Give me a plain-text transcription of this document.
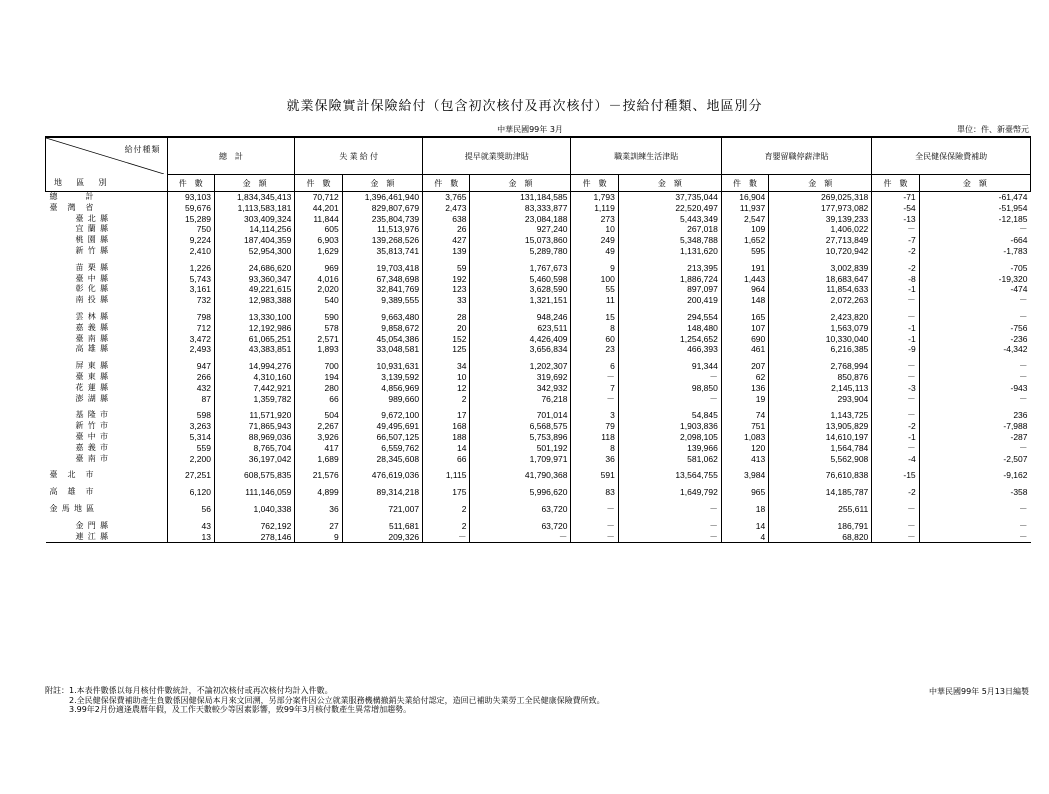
就業保險實計保險給付（包含初次核付及再次核付）－按給付種類、地區別分
中華民國99年 3月	單位：件、新臺幣元
給付種類	總　計		失 業 給 付		提早就業獎助津貼		職業訓練生活津貼		育嬰留職停薪津貼		全民健保保險費補助	
地 區 別	件　數	金　額	件　數	金　額	件　數	金　額	件　數	金　額	件　數	金　額	件　數	金　額
總　　　計	93,103	1,834,345,413	70,712	1,396,461,940	3,765	131,184,585	1,793	37,735,044	16,904	269,025,318	-71	-61,474
臺　灣　省	59,676	1,113,583,181	44,201	829,807,679	2,473	83,333,877	1,119	22,520,497	11,937	177,973,082	-54	-51,954
臺 北 縣	15,289	303,409,324	11,844	235,804,739	638	23,084,188	273	5,443,349	2,547	39,139,233	-13	-12,185
宜 蘭 縣	750	14,114,256	605	11,513,976	26	927,240	10	267,018	109	1,406,022	－	－
桃 園 縣	9,224	187,404,359	6,903	139,268,526	427	15,073,860	249	5,348,788	1,652	27,713,849	-7	-664
新 竹 縣	2,410	52,954,300	1,629	35,813,741	139	5,289,780	49	1,131,620	595	10,720,942	-2	-1,783

苗 栗 縣	1,226	24,686,620	969	19,703,418	59	1,767,673	9	213,395	191	3,002,839	-2	-705
臺 中 縣	5,743	93,360,347	4,016	67,348,698	192	5,460,598	100	1,886,724	1,443	18,683,647	-8	-19,320
彰 化 縣	3,161	49,221,615	2,020	32,841,769	123	3,628,590	55	897,097	964	11,854,633	-1	-474
南 投 縣	732	12,983,388	540	9,389,555	33	1,321,151	11	200,419	148	2,072,263	－	－

雲 林 縣	798	13,330,100	590	9,663,480	28	948,246	15	294,554	165	2,423,820	－	－
嘉 義 縣	712	12,192,986	578	9,858,672	20	623,511	8	148,480	107	1,563,079	-1	-756
臺 南 縣	3,472	61,065,251	2,571	45,054,386	152	4,426,409	60	1,254,652	690	10,330,040	-1	-236
高 雄 縣	2,493	43,383,851	1,893	33,048,581	125	3,656,834	23	466,393	461	6,216,385	-9	-4,342

屏 東 縣	947	14,994,276	700	10,931,631	34	1,202,307	6	91,344	207	2,768,994	－	－
臺 東 縣	266	4,310,160	194	3,139,592	10	319,692	－	－	62	850,876	－	－
花 蓮 縣	432	7,442,921	280	4,856,969	12	342,932	7	98,850	136	2,145,113	-3	-943
澎 湖 縣	87	1,359,782	66	989,660	2	76,218	－	－	19	293,904	－	－

基 隆 市	598	11,571,920	504	9,672,100	17	701,014	3	54,845	74	1,143,725	－	236
新 竹 市	3,263	71,865,943	2,267	49,495,691	168	6,568,575	79	1,903,836	751	13,905,829	-2	-7,988
臺 中 市	5,314	88,969,036	3,926	66,507,125	188	5,753,896	118	2,098,105	1,083	14,610,197	-1	-287
嘉 義 市	559	8,765,704	417	6,559,762	14	501,192	8	139,966	120	1,564,784	－	－
臺 南 市	2,200	36,197,042	1,689	28,345,608	66	1,709,971	36	581,062	413	5,562,908	-4	-2,507

臺　北　市	27,251	608,575,835	21,576	476,619,036	1,115	41,790,368	591	13,564,755	3,984	76,610,838	-15	-9,162

高　雄　市	6,120	111,146,059	4,899	89,314,218	175	5,996,620	83	1,649,792	965	14,185,787	-2	-358

金 馬 地 區	56	1,040,338	36	721,007	2	63,720	－	－	18	255,611	－	－

金 門 縣	43	762,192	27	511,681	2	63,720	－	－	14	186,791	－	－
連 江 縣	13	278,146	9	209,326	－	－	－	－	4	68,820	－	－
附註：1.本表件數係以每月核付件數統計，不論初次核付或再次核付均計入件數。
　　　2.全民健保保費補助產生負數係因健保局本月來文回溯，另部分案件因公立就業服務機構撤銷失業給付認定，造回已補助失業勞工全民健康保險費所致。
　　　3.99年2月份適逢農曆年假，及工作天數較少等因素影響，致99年3月核付數產生異常增加趨勢。
中華民國99年 5月13日編製
